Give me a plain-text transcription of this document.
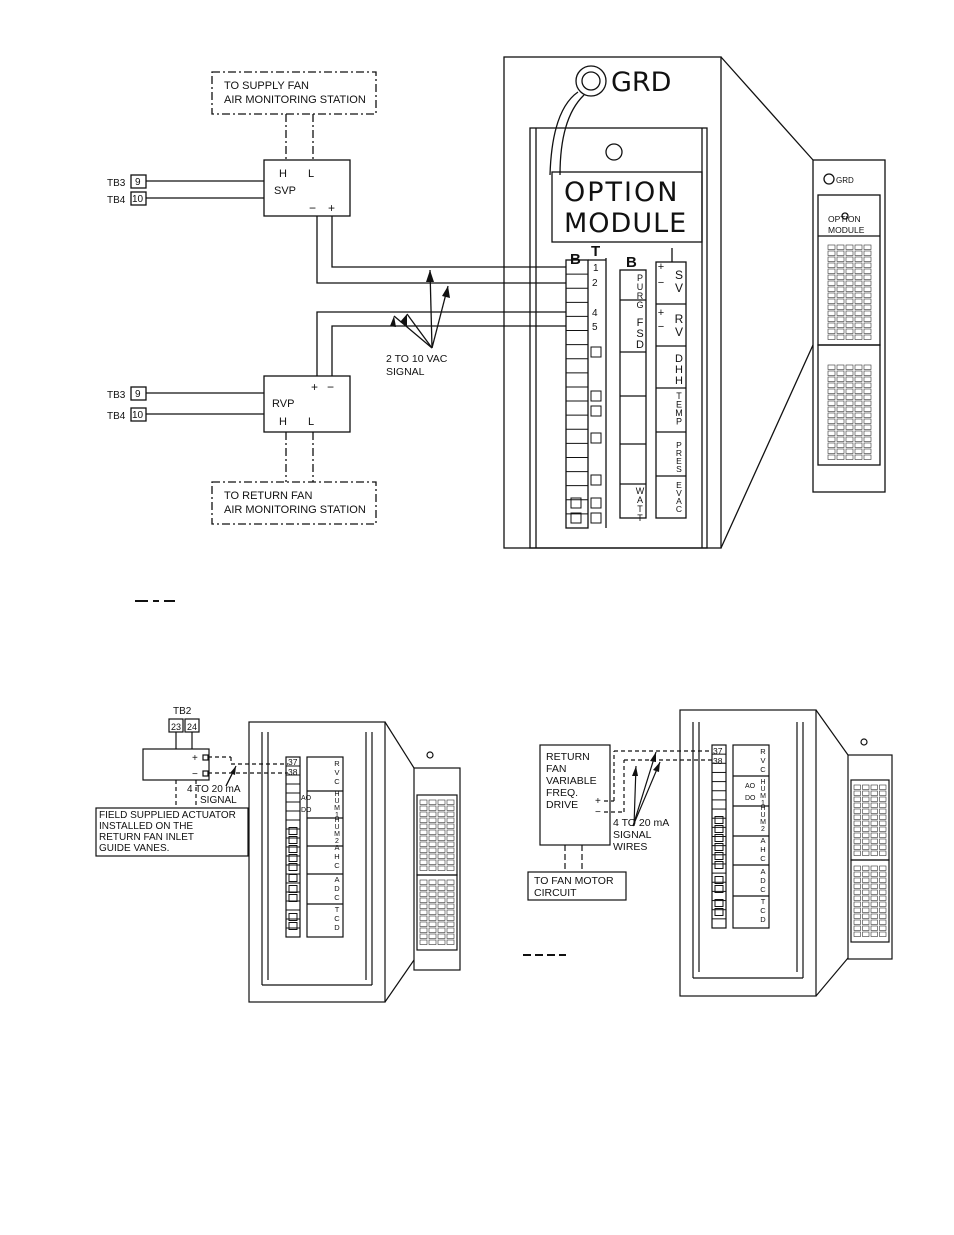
TO SUPPLY FAN
AIR MONITORING STATION
TO RETURN FAN
AIR MONITORING STATION
H L
SVP
− +
+ −
RVP
H L
TB3
TB4
9
10
TB3
TB4
9
10
2 TO 10 VAC
SIGNAL
GRD
OPTION
MODULE
B T
B
1
2
4
5
P
U
R
G
F
S
D
W
A
T
T
S
V
R
V
D
H
H
T
E
M
P
P
R
E
S
E
V
A
C
+
−
+
−
R
V
C
H
U
M
1
H
U
M
2
A
H
C
A
D
C
T
C
D
R
V
C
H
U
M
1
H
U
M
2
A
H
C
A
D
C
T
C
D
GRD
OPTION
MODULE
TB2
23 24
+
−
4 TO 20 mA
SIGNAL
FIELD SUPPLIED ACTUATOR
INSTALLED ON THE
RETURN FAN INLET
GUIDE VANES.
37
38
AO
DO
RETURN
FAN
VARIABLE
FREQ.
DRIVE +
−
4 TO 20 mA
SIGNAL
WIRES
TO FAN MOTOR
CIRCUIT
37
38
AO
DO
